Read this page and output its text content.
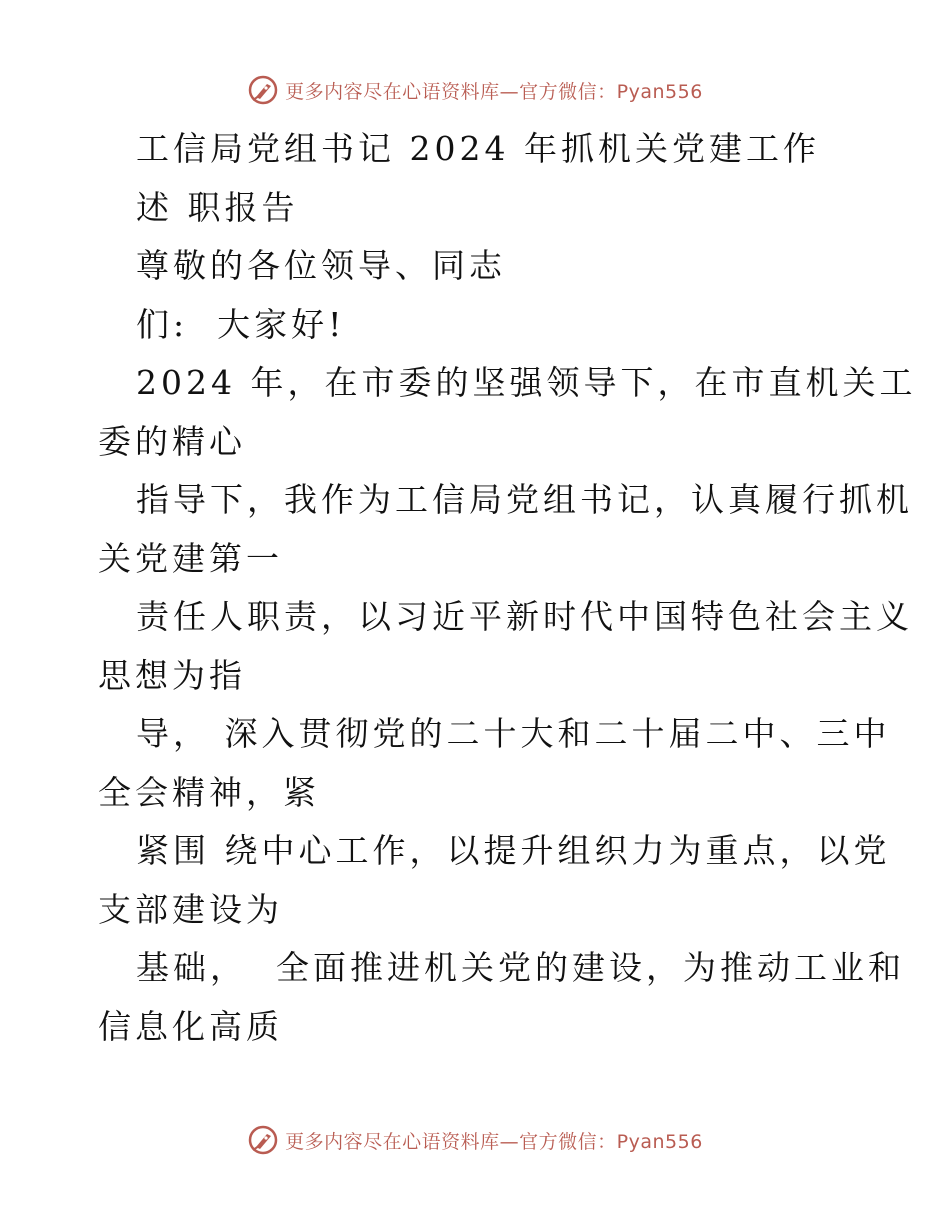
更多内容尽在心语资料库—官方微信：Pyan556
工信局党组书记 2024 年抓机关党建工作
述 职报告
尊敬的各位领导、同志
们:  大家好!
2024 年，在市委的坚强领导下，在市直机关工
委的精心
指导下，我作为工信局党组书记，认真履行抓机
关党建第一
责任人职责，以习近平新时代中国特色社会主义
思想为指
导， 深入贯彻党的二十大和二十届二中、三中
全会精神，紧
紧围 绕中心工作，以提升组织力为重点，以党
支部建设为
基础，  全面推进机关党的建设，为推动工业和
信息化高质
更多内容尽在心语资料库—官方微信：Pyan556
